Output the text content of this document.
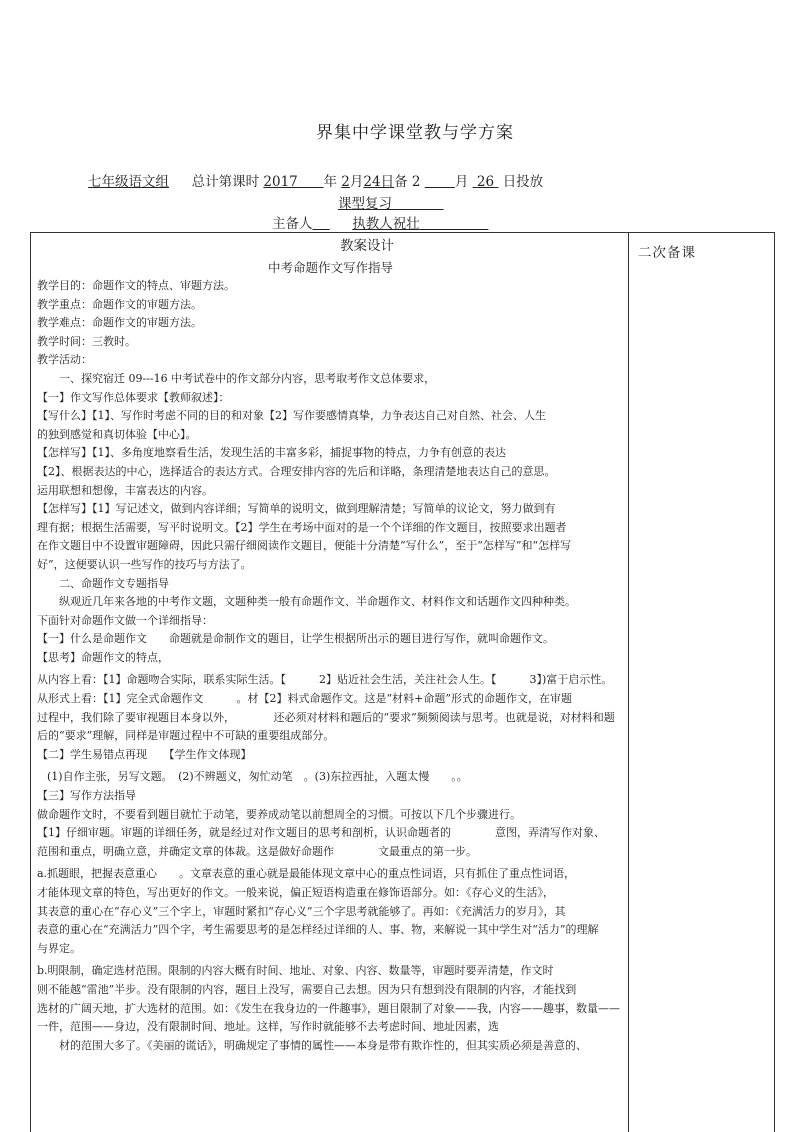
界集中学课堂教与学方案
七年级语文组 总计第课时 2017 年 2月24日备 2	月 26 日投放
课型复习
主备人	执教人祝壮
教案设计	二次备课
中考命题作文写作指导

教学目的：命题作文的特点、审题方法。

教学重点：命题作文的审题方法。

教学难点：命题作文的审题方法。

教学时间：三教时。

教学活动：

一、探究宿迁 09---16 中考试卷中的作文部分内容，思考取考作文总体要求，

【一】作文写作总体要求【教师叙述】：

【写什么】【1】、写作时考虑不同的目的和对象【2】写作要感情真挚，力争表达自己对自然、社会、人生

的独到感觉和真切体验【中心】。

【怎样写】【1】、多角度地察看生活，发现生活的丰富多彩，捕捉事物的特点，力争有创意的表达

【2】、根据表达的中心，选择适合的表达方式。合理安排内容的先后和详略，条理清楚地表达自己的意思。

运用联想和想像，丰富表达的内容。

【怎样写】【1】写记述文，做到内容详细；写简单的说明文，做到理解清楚；写简单的议论文，努力做到有

理有据；根据生活需要，写平时说明文。【2】学生在考场中面对的是一个个详细的作文题目，按照要求出题者

在作文题目中不设置审题障碍，因此只需仔细阅读作文题目，便能十分清楚“写什么”，至于“怎样写”和“怎样写

好”，这便要认识一些写作的技巧与方法了。

二、命题作文专题指导

纵观近几年来各地的中考作文题，文题种类一般有命题作文、半命题作文、材料作文和话题作文四种种类。

下面针对命题作文做一个详细指导：

【一】什么是命题作文　　命题就是命制作文的题目，让学生根据所出示的题目进行写作，就叫命题作文。

【思考】命题作文的特点，

从内容上看：【1】命题吻合实际，联系实际生活。【　　　2】贴近社会生活，关注社会人生。【　　　3】)富于启示性。

从形式上看：【1】完全式命题作文　　　。材【2】料式命题作文。这是“材料+命题”形式的命题作文，在审题

过程中，我们除了要审视题目本身以外，　　　　还必须对材料和题后的“要求”频频阅读与思考。也就是说，对材料和题

后的“要求”理解，同样是审题过程中不可缺的重要组成部分。

【二】学生易错点再现　　【学生作文体现】

(1)自作主张，另写文题。　(2)不辨题义，匆忙动笔　。(3)东拉西扯，入题太慢　　。。

【三】写作方法指导

做命题作文时，不要看到题目就忙于动笔，要养成动笔以前想周全的习惯。可按以下几个步骤进行。

【1】仔细审题。审题的详细任务，就是经过对作文题目的思考和剖析，认识命题者的　　　　意图，弄清写作对象、

范围和重点，明确立意，并确定文章的体裁。这是做好命题作　　　　文最重点的第一步。

a.抓题眼，把握表意重心　　。文章表意的重心就是最能体现文章中心的重点性词语，只有抓住了重点性词语，

才能体现文章的特色，写出更好的作文。一般来说，偏正短语构造重在修饰语部分。如：《存心义的生活》，

其表意的重心在“存心义”三个字上，审题时紧扣“存心义”三个字思考就能够了。再如：《充满活力的岁月》，其

表意的重心在“充满活力”四个字，考生需要思考的是怎样经过详细的人、事、物，来解说一其中学生对“活力”的理解

与界定。

b.明限制，确定选材范围。限制的内容大概有时间、地址、对象、内容、数量等，审题时要弄清楚，作文时

则不能越“雷池”半步。没有限制的内容，题目上没写，需要自己去想。因为只有想到没有限制的内容，才能找到

选材的广阔天地，扩大选材的范围。如：《发生在我身边的一件趣事》，题目限制了对象——我，内容——趣事，数量——

一件，范围——身边，没有限制时间、地址。这样，写作时就能够不去考虑时间、地址因素，选

材的范围大多了。《美丽的谎话》，明确规定了事情的属性——本身是带有欺诈性的，但其实质必须是善意的、
